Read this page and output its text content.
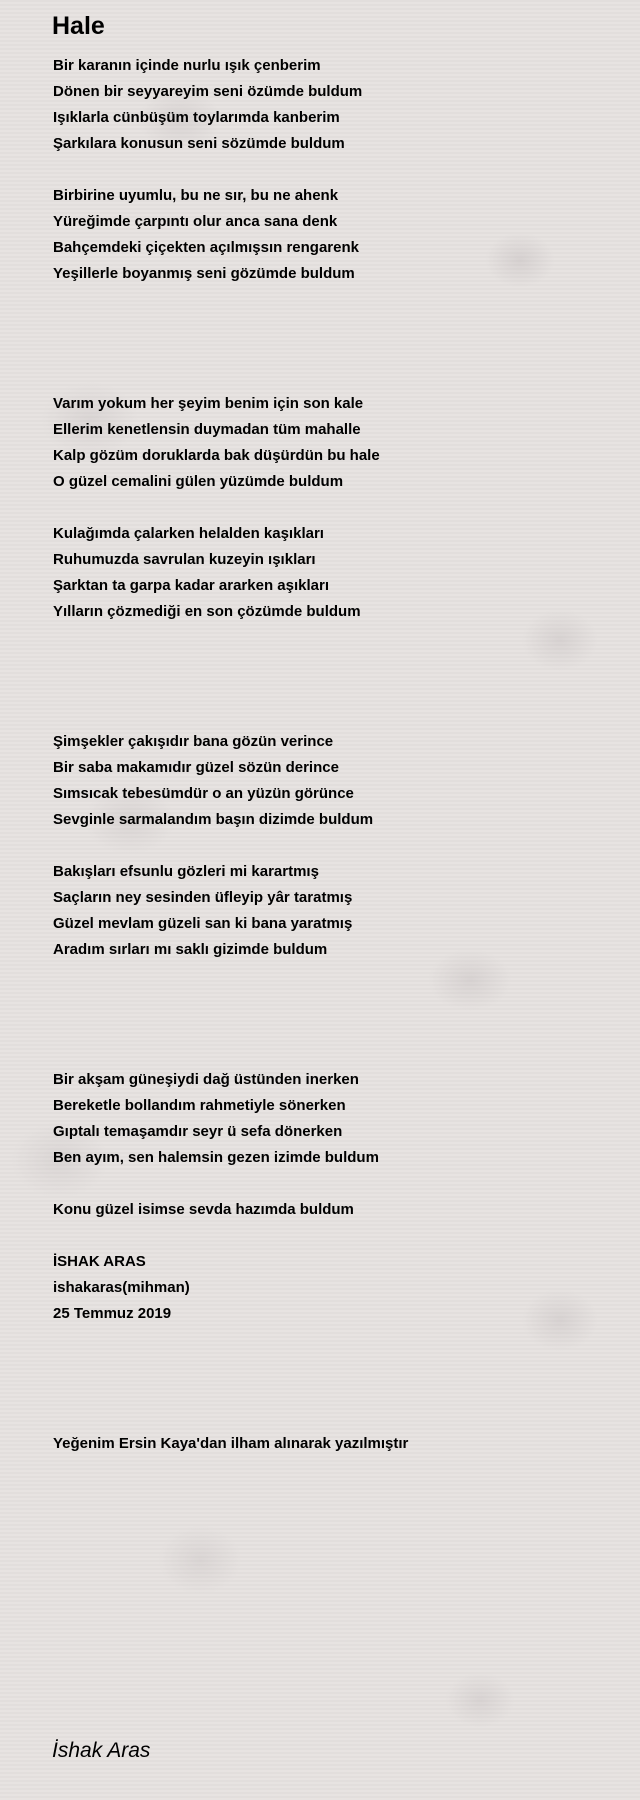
Hale
Bir karanın içinde nurlu ışık çenberim
Dönen bir seyyareyim seni özümde buldum
Işıklarla cünbüşüm toylarımda kanberim
Şarkılara konusun seni sözümde buldum
Birbirine uyumlu, bu ne sır, bu ne ahenk
Yüreğimde çarpıntı olur anca sana denk
Bahçemdeki çiçekten açılmışsın rengarenk
Yeşillerle boyanmış seni gözümde buldum
Varım yokum her şeyim benim için son kale
Ellerim kenetlensin duymadan tüm mahalle
Kalp gözüm doruklarda bak düşürdün bu hale
O güzel cemalini gülen yüzümde buldum
Kulağımda çalarken helalden kaşıkları
Ruhumuzda savrulan kuzeyin ışıkları
Şarktan ta garpa kadar ararken aşıkları
Yılların çözmediği en son çözümde buldum
Şimşekler çakışıdır bana gözün verince
Bir saba makamıdır güzel sözün derince
Sımsıcak tebesümdür o an yüzün görünce
Sevginle sarmalandım başın dizimde buldum
Bakışları efsunlu gözleri mi karartmış
Saçların ney sesinden üfleyip yâr taratmış
Güzel mevlam güzeli san ki bana yaratmış
Aradım sırları mı saklı gizimde buldum
Bir akşam güneşiydi dağ üstünden inerken
Bereketle bollandım rahmetiyle sönerken
Gıptalı temaşamdır seyr ü sefa dönerken
Ben ayım, sen halemsin gezen izimde buldum
Konu güzel isimse sevda hazımda buldum
İSHAK ARAS
ishakaras(mihman)
25 Temmuz 2019
Yeğenim Ersin Kaya'dan ilham alınarak yazılmıştır
İshak Aras
